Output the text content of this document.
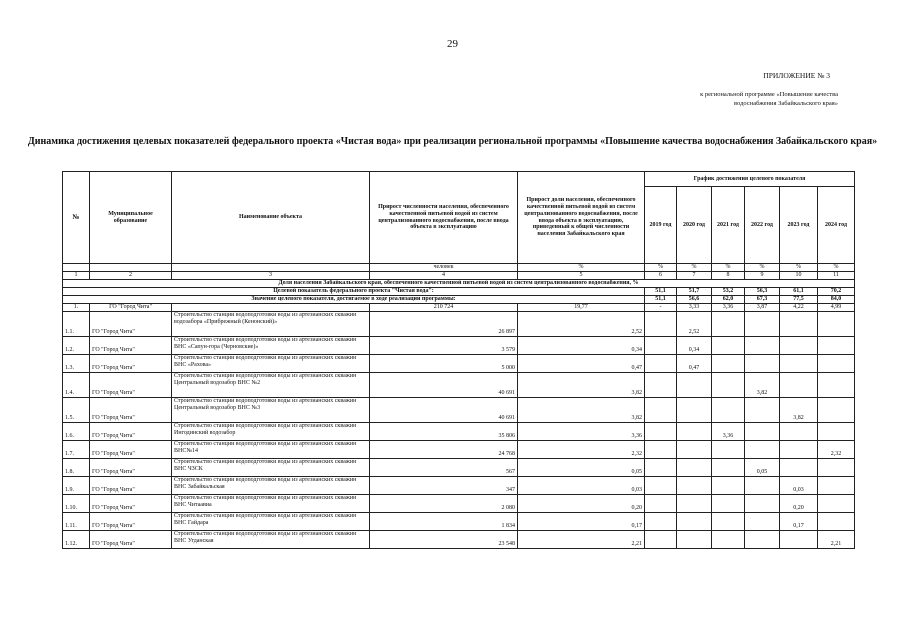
29
ПРИЛОЖЕНИЕ № 3
к региональной программе «Повышение качества водоснабжения Забайкальского края»
Динамика достижения целевых показателей федерального проекта «Чистая вода» при реализации региональной программы «Повышение качества водоснабжения Забайкальского края»
№	Муниципальное образование	Наименование объекта	Прирост численности населения, обеспеченного качественной питьевой водой из систем централизованного водоснабжения, после ввода объекта в эксплуатацию	Прирост доли населения, обеспеченного качественной питьевой водой из систем централизованного водоснабжения, после ввода объекта в эксплуатацию, приведенный к общей численности населения Забайкальского края	График достижения целевого показателя					
					2019 год	2020 год	2021 год	2022 год	2023 год	2024 год
			человек	%	%	%	%	%	%	%
1	2	3	4	5	6	7	8	9	10	11
Доля населения Забайкальского края, обеспеченного качественной питьевой водой из систем централизованного водоснабжения, %										
Целевой показатель федерального проекта "Чистая вода":					51,1	51,7	53,2	56,3	61,1	70,2
Значение целевого показателя, достигаемое в ходе реализации программы:					51,1	56,6	62,0	67,3	77,5	84,0
1.	ГО "Город Чита"		210 724	19,77	-	3,33	3,36	3,87	4,22	4,99
1.1.	ГО "Город Чита"	Строительство станции водоподготовки воды из артезианских скважин водозабора «Прибрежный (Кенонский)»	26 897	2,52		2,52				
1.2.	ГО "Город Чита"	Строительство станции водоподготовки воды из артезианских скважин ВНС «Сапун-гора (Черновские)»	3 579	0,34		0,34				
1.3.	ГО "Город Чита"	Строительство станции водоподготовки воды из артезианских скважин ВНС «Рахова»	5 000	0,47		0,47				
1.4.	ГО "Город Чита"	Строительство станции водоподготовки воды из артезианских скважин Центральный водозабор ВНС №2	40 691	3,82				3,82		
1.5.	ГО "Город Чита"	Строительство станции водоподготовки воды из артезианских скважин Центральный водозабор ВНС №3	40 691	3,82					3,82	
1.6.	ГО "Город Чита"	Строительство станции водоподготовки воды из артезианских скважин Ингодинский водозабор	35 806	3,36			3,36			
1.7.	ГО "Город Чита"	Строительство станции водоподготовки воды из артезианских скважин ВНС№14	24 768	2,32						2,32
1.8.	ГО "Город Чита"	Строительство станции водоподготовки воды из артезианских скважин ВНС ЧЗСК	567	0,05				0,05		
1.9.	ГО "Город Чита"	Строительство станции водоподготовки воды из артезианских скважин ВНС Забайкальская	347	0,03					0,03	
1.10.	ГО "Город Чита"	Строительство станции водоподготовки воды из артезианских скважин ВНС Читаавиа	2 080	0,20					0,20	
1.11.	ГО "Город Чита"	Строительство станции водоподготовки воды из артезианских скважин ВНС Гайдара	1 834	0,17					0,17	
1.12.	ГО "Город Чита"	Строительство станции водоподготовки воды из артезианских скважин ВНС Угданская	23 548	2,21						2,21
